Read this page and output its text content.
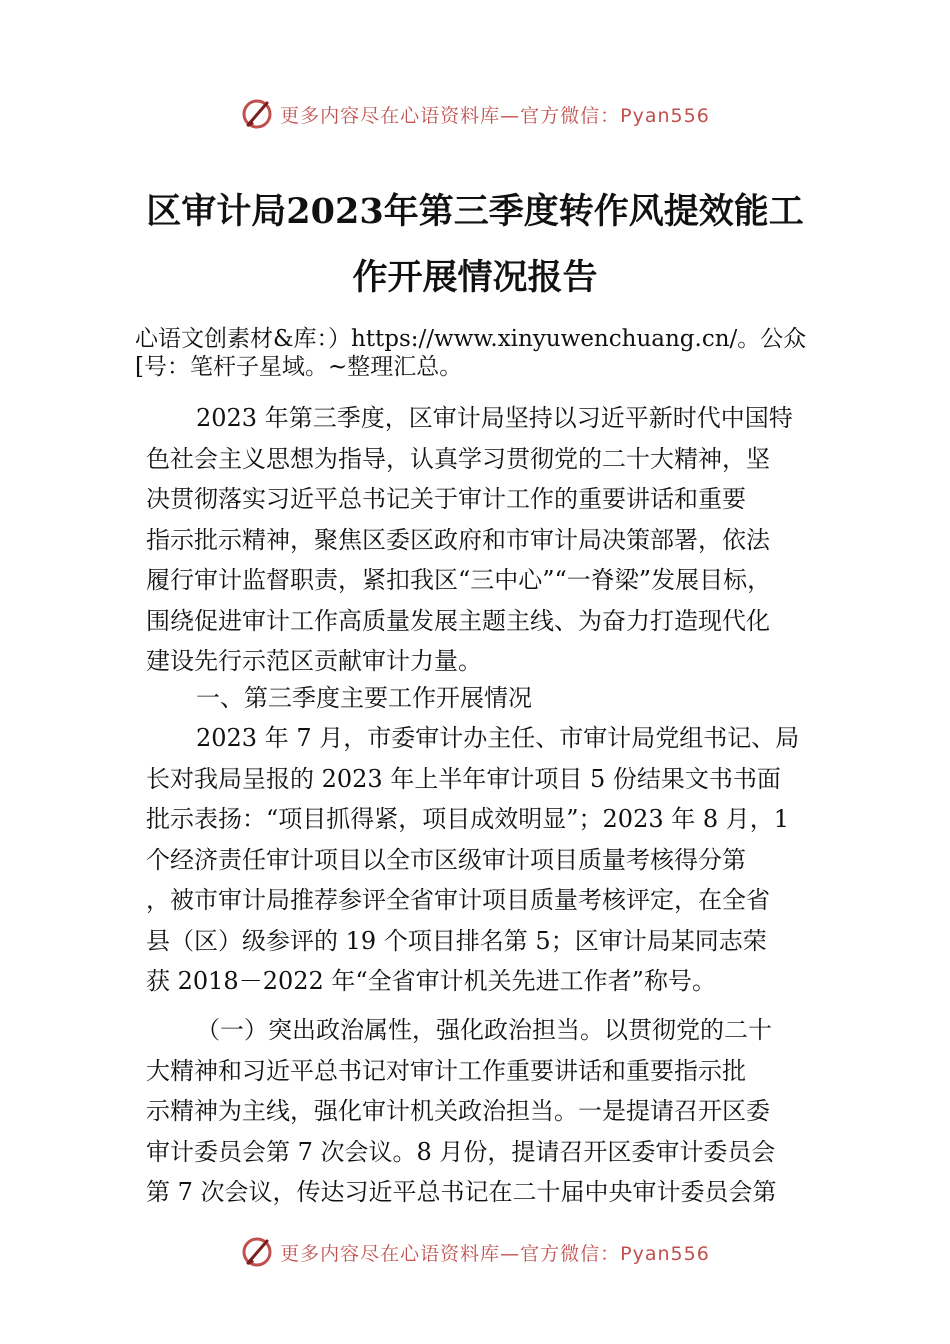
更多内容尽在心语资料库—官方微信：Pyan556
区审计局2023年第三季度转作风提效能工
作开展情况报告
心语文创素材&库：）https://www.xinyuwenchuang.cn/。公众
[号：笔杆子星域。~整理汇总。
2023 年第三季度，区审计局坚持以习近平新时代中国特
色社会主义思想为指导，认真学习贯彻党的二十大精神，坚
决贯彻落实习近平总书记关于审计工作的重要讲话和重要
指示批示精神，聚焦区委区政府和市审计局决策部署，依法
履行审计监督职责，紧扣我区“三中心”“一脊梁”发展目标，
围绕促进审计工作高质量发展主题主线、为奋力打造现代化
建设先行示范区贡献审计力量。
一、第三季度主要工作开展情况
2023 年 7 月，市委审计办主任、市审计局党组书记、局
长对我局呈报的 2023 年上半年审计项目 5 份结果文书书面
批示表扬：“项目抓得紧，项目成效明显”；2023 年 8 月，1
个经济责任审计项目以全市区级审计项目质量考核得分第
，被市审计局推荐参评全省审计项目质量考核评定，在全省
县（区）级参评的 19 个项目排名第 5；区审计局某同志荣
获 2018－2022 年“全省审计机关先进工作者”称号。
（一）突出政治属性，强化政治担当。以贯彻党的二十
大精神和习近平总书记对审计工作重要讲话和重要指示批
示精神为主线，强化审计机关政治担当。一是提请召开区委
审计委员会第 7 次会议。8 月份，提请召开区委审计委员会
第 7 次会议，传达习近平总书记在二十届中央审计委员会第
更多内容尽在心语资料库—官方微信：Pyan556
